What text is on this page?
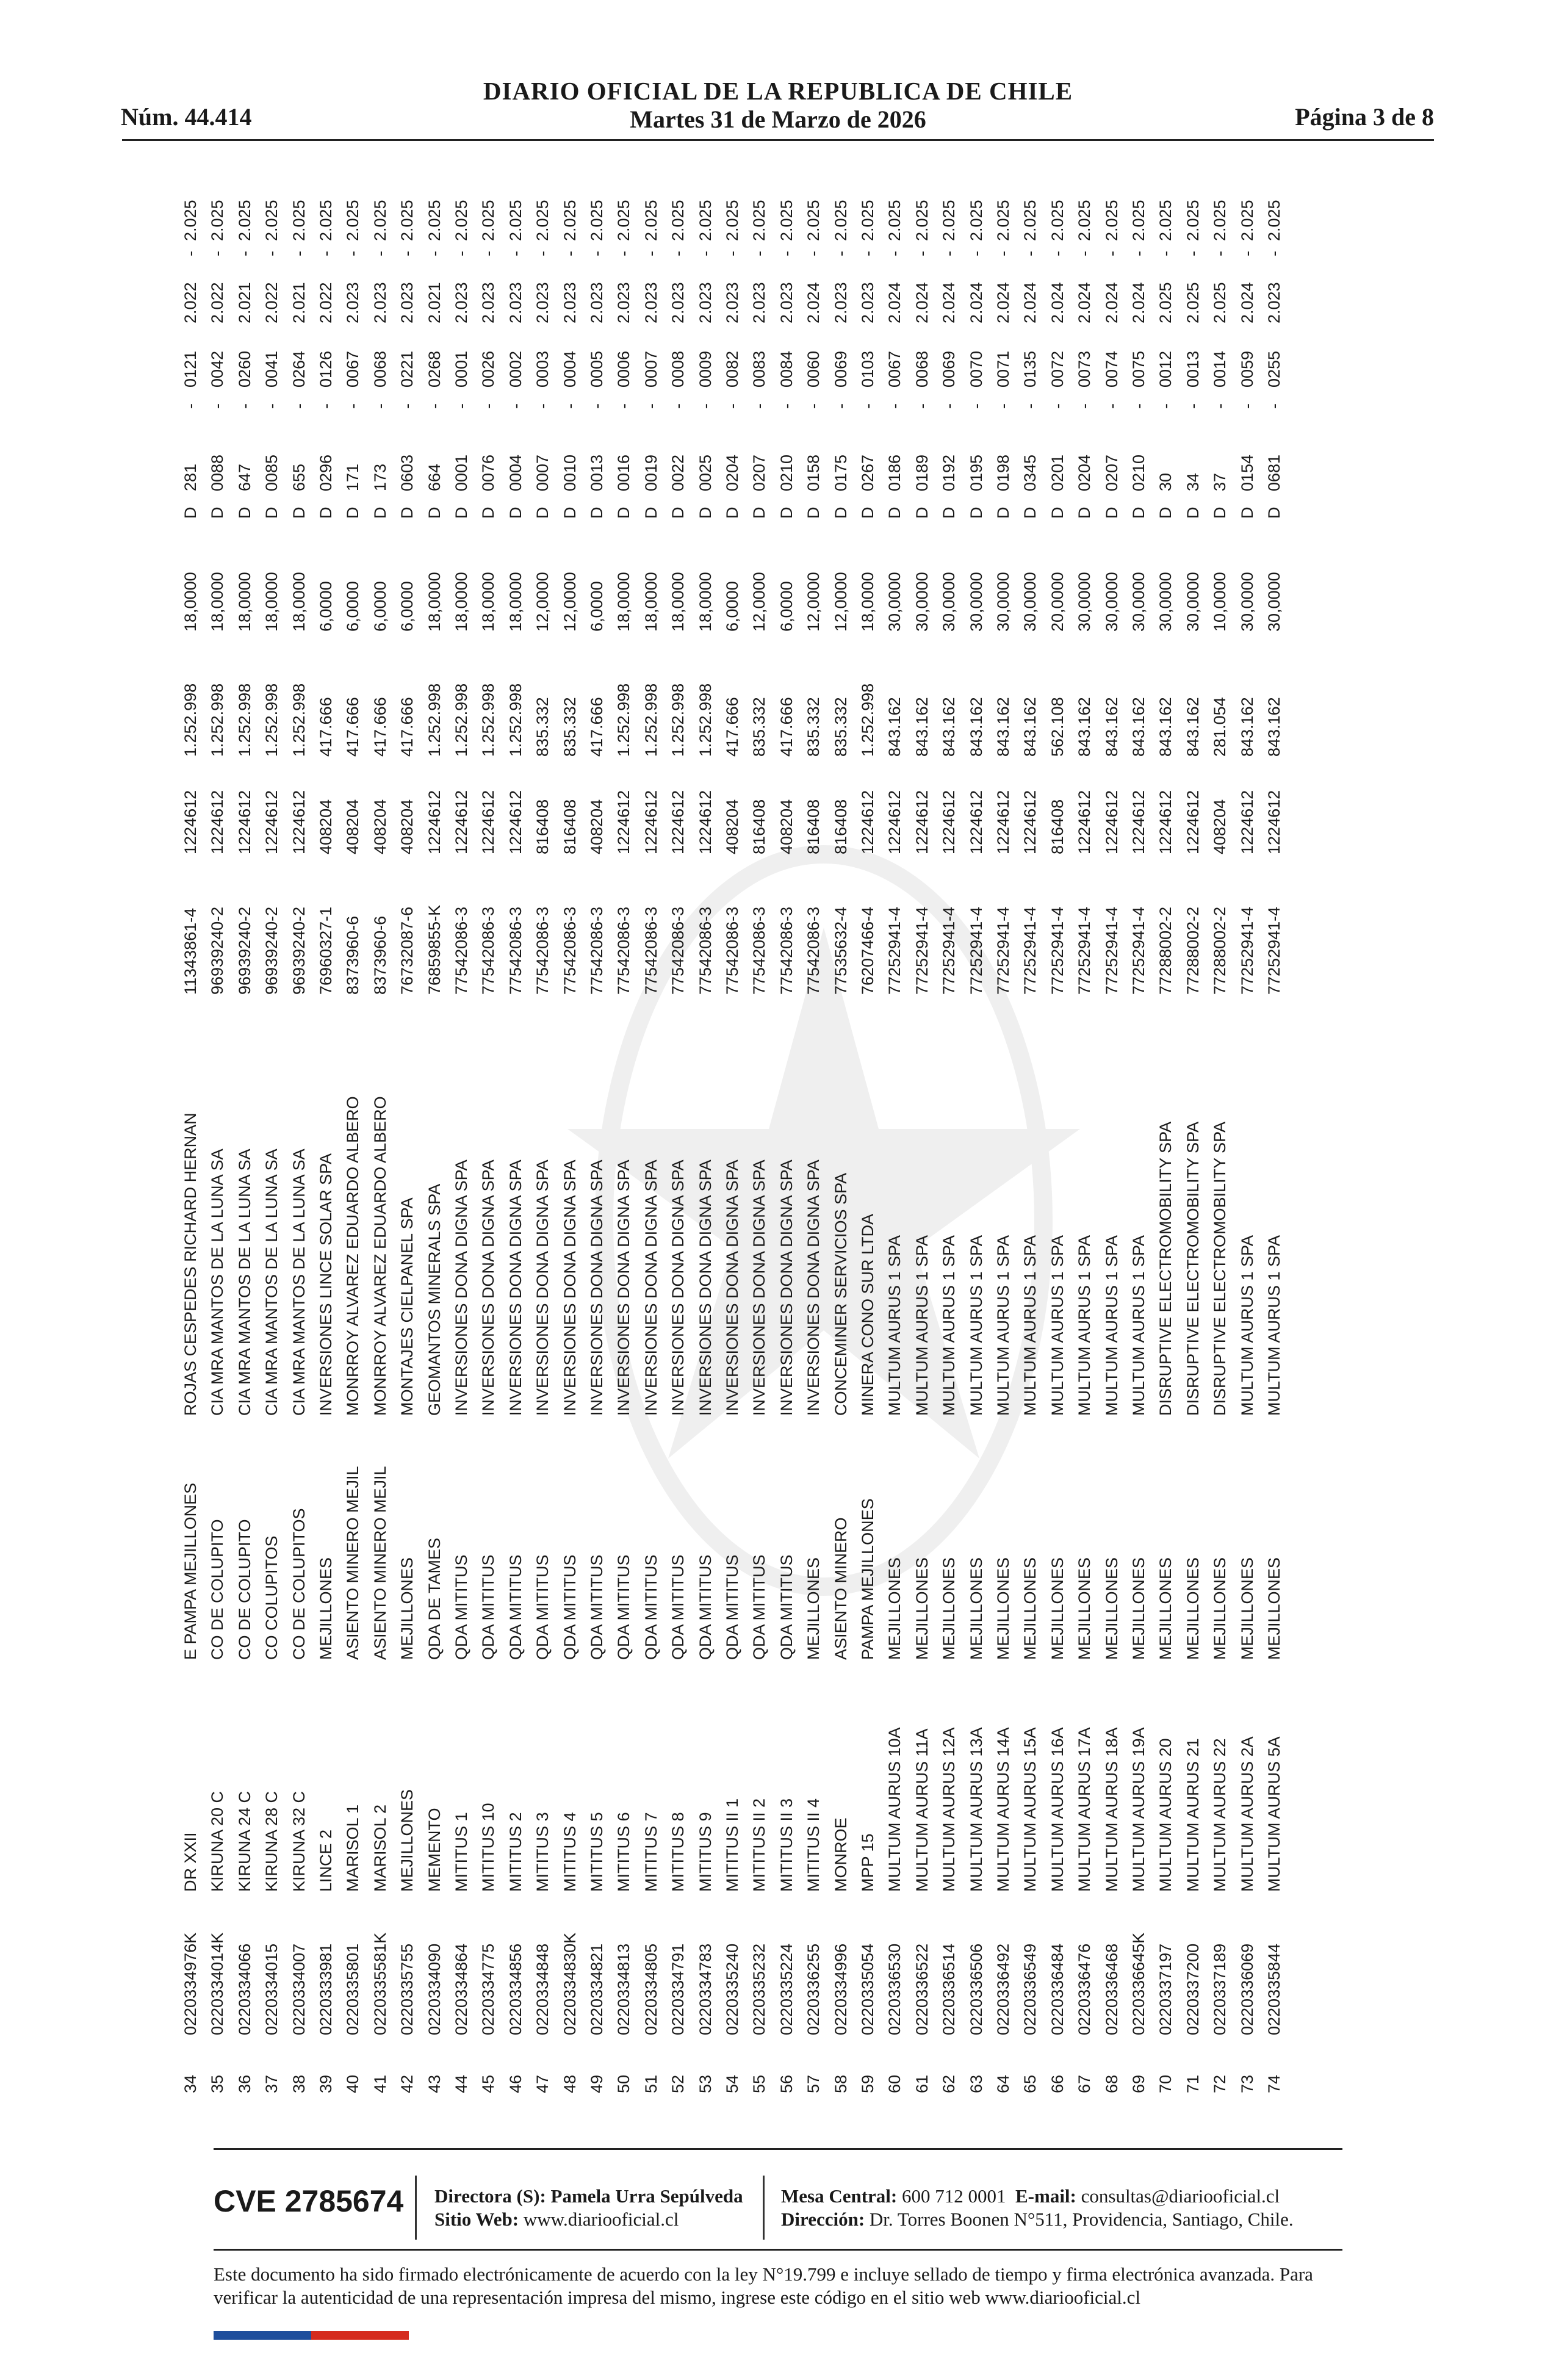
Núm. 44.414
DIARIO OFICIAL DE LA REPUBLICA DE CHILE
Martes 31 de Marzo de 2026	Página 3 de 8
34
0220334976K
DR XXII
E PAMPA MEJILLONES
ROJAS CESPEDES RICHARD HERNAN
11343861-4
1224612
1.252.998
18,0000
D
281
-
0121
2.022
-
2.025
35
0220334014K
KIRUNA 20 C
CO DE COLUPITO
CIA MRA MANTOS DE LA LUNA SA
96939240-2
1224612
1.252.998
18,0000
D
0088
-
0042
2.022
-
2.025
36
0220334066
KIRUNA 24 C
CO DE COLUPITO
CIA MRA MANTOS DE LA LUNA SA
96939240-2
1224612
1.252.998
18,0000
D
647
-
0260
2.021
-
2.025
37
0220334015
KIRUNA 28 C
CO COLUPITOS
CIA MRA MANTOS DE LA LUNA SA
96939240-2
1224612
1.252.998
18,0000
D
0085
-
0041
2.022
-
2.025
38
0220334007
KIRUNA 32 C
CO DE COLUPITOS
CIA MRA MANTOS DE LA LUNA SA
96939240-2
1224612
1.252.998
18,0000
D
655
-
0264
2.021
-
2.025
39
0220333981
LINCE 2
MEJILLONES
INVERSIONES LINCE SOLAR SPA
76960327-1
408204
417.666
6,0000
D
0296
-
0126
2.022
-
2.025
40
0220335801
MARISOL 1
ASIENTO MINERO MEJIL
MONRROY ALVAREZ EDUARDO ALBERO
8373960-6
408204
417.666
6,0000
D
171
-
0067
2.023
-
2.025
41
0220335581K
MARISOL 2
ASIENTO MINERO MEJIL
MONRROY ALVAREZ EDUARDO ALBERO
8373960-6
408204
417.666
6,0000
D
173
-
0068
2.023
-
2.025
42
0220335755
MEJILLONES
MEJILLONES
MONTAJES CIELPANEL SPA
76732087-6
408204
417.666
6,0000
D
0603
-
0221
2.023
-
2.025
43
0220334090
MEMENTO
QDA DE TAMES
GEOMANTOS MINERALS SPA
76859855-K
1224612
1.252.998
18,0000
D
664
-
0268
2.021
-
2.025
44
0220334864
MITITUS 1
QDA MITITUS
INVERSIONES DONA DIGNA SPA
77542086-3
1224612
1.252.998
18,0000
D
0001
-
0001
2.023
-
2.025
45
0220334775
MITITUS 10
QDA MITITUS
INVERSIONES DONA DIGNA SPA
77542086-3
1224612
1.252.998
18,0000
D
0076
-
0026
2.023
-
2.025
46
0220334856
MITITUS 2
QDA MITITUS
INVERSIONES DONA DIGNA SPA
77542086-3
1224612
1.252.998
18,0000
D
0004
-
0002
2.023
-
2.025
47
0220334848
MITITUS 3
QDA MITITUS
INVERSIONES DONA DIGNA SPA
77542086-3
816408
835.332
12,0000
D
0007
-
0003
2.023
-
2.025
48
0220334830K
MITITUS 4
QDA MITITUS
INVERSIONES DONA DIGNA SPA
77542086-3
816408
835.332
12,0000
D
0010
-
0004
2.023
-
2.025
49
0220334821
MITITUS 5
QDA MITITUS
INVERSIONES DONA DIGNA SPA
77542086-3
408204
417.666
6,0000
D
0013
-
0005
2.023
-
2.025
50
0220334813
MITITUS 6
QDA MITITUS
INVERSIONES DONA DIGNA SPA
77542086-3
1224612
1.252.998
18,0000
D
0016
-
0006
2.023
-
2.025
51
0220334805
MITITUS 7
QDA MITITUS
INVERSIONES DONA DIGNA SPA
77542086-3
1224612
1.252.998
18,0000
D
0019
-
0007
2.023
-
2.025
52
0220334791
MITITUS 8
QDA MITITUS
INVERSIONES DONA DIGNA SPA
77542086-3
1224612
1.252.998
18,0000
D
0022
-
0008
2.023
-
2.025
53
0220334783
MITITUS 9
QDA MITITUS
INVERSIONES DONA DIGNA SPA
77542086-3
1224612
1.252.998
18,0000
D
0025
-
0009
2.023
-
2.025
54
0220335240
MITITUS II 1
QDA MITITUS
INVERSIONES DONA DIGNA SPA
77542086-3
408204
417.666
6,0000
D
0204
-
0082
2.023
-
2.025
55
0220335232
MITITUS II 2
QDA MITITUS
INVERSIONES DONA DIGNA SPA
77542086-3
816408
835.332
12,0000
D
0207
-
0083
2.023
-
2.025
56
0220335224
MITITUS II 3
QDA MITITUS
INVERSIONES DONA DIGNA SPA
77542086-3
408204
417.666
6,0000
D
0210
-
0084
2.023
-
2.025
57
0220336255
MITITUS II 4
MEJILLONES
INVERSIONES DONA DIGNA SPA
77542086-3
816408
835.332
12,0000
D
0158
-
0060
2.024
-
2.025
58
0220334996
MONROE
ASIENTO MINERO
CONCEMINER SERVICIOS SPA
77535632-4
816408
835.332
12,0000
D
0175
-
0069
2.023
-
2.025
59
0220335054
MPP 15
PAMPA MEJILLONES
MINERA CONO SUR LTDA
76207466-4
1224612
1.252.998
18,0000
D
0267
-
0103
2.023
-
2.025
60
0220336530
MULTUM AURUS 10A
MEJILLONES
MULTUM AURUS 1 SPA
77252941-4
1224612
843.162
30,0000
D
0186
-
0067
2.024
-
2.025
61
0220336522
MULTUM AURUS 11A
MEJILLONES
MULTUM AURUS 1 SPA
77252941-4
1224612
843.162
30,0000
D
0189
-
0068
2.024
-
2.025
62
0220336514
MULTUM AURUS 12A
MEJILLONES
MULTUM AURUS 1 SPA
77252941-4
1224612
843.162
30,0000
D
0192
-
0069
2.024
-
2.025
63
0220336506
MULTUM AURUS 13A
MEJILLONES
MULTUM AURUS 1 SPA
77252941-4
1224612
843.162
30,0000
D
0195
-
0070
2.024
-
2.025
64
0220336492
MULTUM AURUS 14A
MEJILLONES
MULTUM AURUS 1 SPA
77252941-4
1224612
843.162
30,0000
D
0198
-
0071
2.024
-
2.025
65
0220336549
MULTUM AURUS 15A
MEJILLONES
MULTUM AURUS 1 SPA
77252941-4
1224612
843.162
30,0000
D
0345
-
0135
2.024
-
2.025
66
0220336484
MULTUM AURUS 16A
MEJILLONES
MULTUM AURUS 1 SPA
77252941-4
816408
562.108
20,0000
D
0201
-
0072
2.024
-
2.025
67
0220336476
MULTUM AURUS 17A
MEJILLONES
MULTUM AURUS 1 SPA
77252941-4
1224612
843.162
30,0000
D
0204
-
0073
2.024
-
2.025
68
0220336468
MULTUM AURUS 18A
MEJILLONES
MULTUM AURUS 1 SPA
77252941-4
1224612
843.162
30,0000
D
0207
-
0074
2.024
-
2.025
69
0220336645K
MULTUM AURUS 19A
MEJILLONES
MULTUM AURUS 1 SPA
77252941-4
1224612
843.162
30,0000
D
0210
-
0075
2.024
-
2.025
70
0220337197
MULTUM AURUS 20
MEJILLONES
DISRUPTIVE ELECTROMOBILITY SPA
77288002-2
1224612
843.162
30,0000
D
30
-
0012
2.025
-
2.025
71
0220337200
MULTUM AURUS 21
MEJILLONES
DISRUPTIVE ELECTROMOBILITY SPA
77288002-2
1224612
843.162
30,0000
D
34
-
0013
2.025
-
2.025
72
0220337189
MULTUM AURUS 22
MEJILLONES
DISRUPTIVE ELECTROMOBILITY SPA
77288002-2
408204
281.054
10,0000
D
37
-
0014
2.025
-
2.025
73
0220336069
MULTUM AURUS 2A
MEJILLONES
MULTUM AURUS 1 SPA
77252941-4
1224612
843.162
30,0000
D
0154
-
0059
2.024
-
2.025
74
0220335844
MULTUM AURUS 5A
MEJILLONES
MULTUM AURUS 1 SPA
77252941-4
1224612
843.162
30,0000
D
0681
-
0255
2.023
-
2.025
CVE 2785674 Directora (S): Pamela Urra Sepúlveda
Sitio Web: www.diariooficial.cl
Mesa Central: 600 712 0001 E-mail: consultas@diariooficial.cl
Dirección: Dr. Torres Boonen N°511, Providencia, Santiago, Chile.
Este documento ha sido firmado electrónicamente de acuerdo con la ley N°19.799 e incluye sellado de tiempo y firma electrónica avanzada. Para verificar la autenticidad de una representación impresa del mismo, ingrese este código en el sitio web www.diariooficial.cl
